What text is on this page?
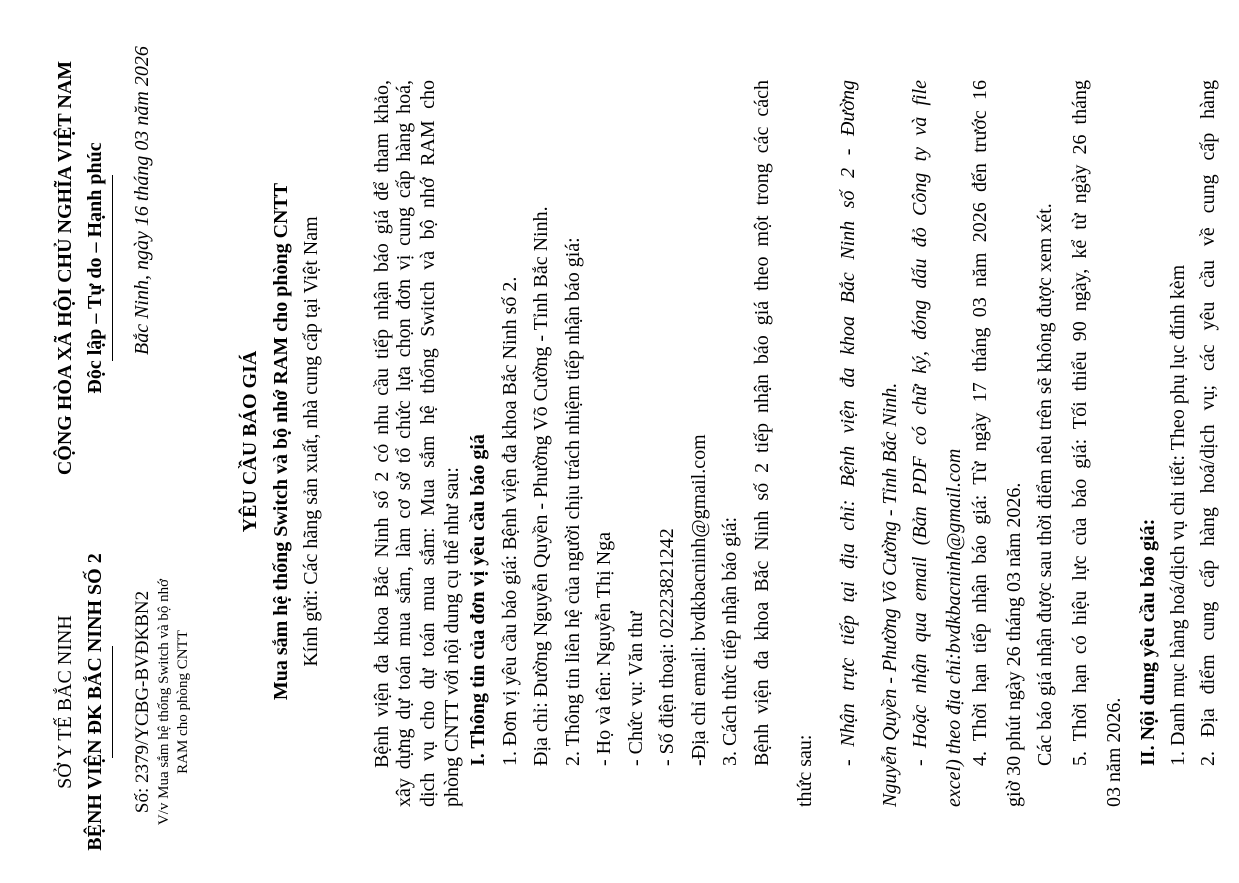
SỞ Y TẾ BẮC NINH BỆNH VIỆN ĐK BẮC NINH SỐ 2 Số: 2379/YCBG-BVĐKBN2 V/v Mua sắm hệ thống Switch và bộ nhớ RAM cho phòng CNTT
CỘNG HÒA XÃ HỘI CHỦ NGHĨA VIỆT NAM Độc lập – Tự do – Hạnh phúc Bắc Ninh, ngày 16 tháng 03 năm 2026
YÊU CẦU BÁO GIÁ Mua sắm hệ thống Switch và bộ nhớ RAM cho phòng CNTT Kính gửi: Các hãng sản xuất, nhà cung cấp tại Việt Nam Bệnh viện đa khoa Bắc Ninh số 2 có nhu cầu tiếp nhận báo giá để tham khảo, xây dựng dự toán mua sắm, làm cơ sở tổ chức lựa chọn đơn vị cung cấp hàng hoá, dịch vụ cho dự toán mua sắm: Mua sắm hệ thống Switch và bộ nhớ RAM cho phòng CNTT với nội dung cụ thể như sau: I. Thông tin của đơn vị yêu cầu báo giá 1. Đơn vị yêu cầu báo giá: Bệnh viện đa khoa Bắc Ninh số 2. Địa chỉ: Đường Nguyễn Quyền - Phường Võ Cường - Tỉnh Bắc Ninh. 2. Thông tin liên hệ của người chịu trách nhiệm tiếp nhận báo giá: - Họ và tên: Nguyễn Thị Nga - Chức vụ: Văn thư - Số điện thoại: 02223821242 -Địa chỉ email: bvdkbacninh@gmail.com 3. Cách thức tiếp nhận báo giá: Bệnh viện đa khoa Bắc Ninh số 2 tiếp nhận báo giá theo một trong các cách
thức sau:
- Nhận trực tiếp tại địa chỉ: Bệnh viện đa khoa Bắc Ninh số 2 - Đường Nguyễn Quyền - Phường Võ Cường - Tỉnh Bắc Ninh. - Hoặc nhận qua email (Bản PDF có chữ ký, đóng dấu đỏ Công ty và file excel) theo địa chỉ:bvdkbacninh@gmail.com 4. Thời hạn tiếp nhận báo giá: Từ ngày 17 tháng 03 năm 2026 đến trước 16 giờ 30 phút ngày 26 tháng 03 năm 2026. Các báo giá nhận được sau thời điểm nêu trên sẽ không được xem xét. 5. Thời hạn có hiệu lực của báo giá: Tối thiểu 90 ngày, kể từ ngày 26 tháng 03 năm 2026. II. Nội dung yêu cầu báo giá: 1. Danh mục hàng hoá/dịch vụ chi tiết: Theo phụ lục đính kèm 2. Địa điểm cung cấp hàng hoá/dịch vụ; các yêu cầu về cung cấp hàng
